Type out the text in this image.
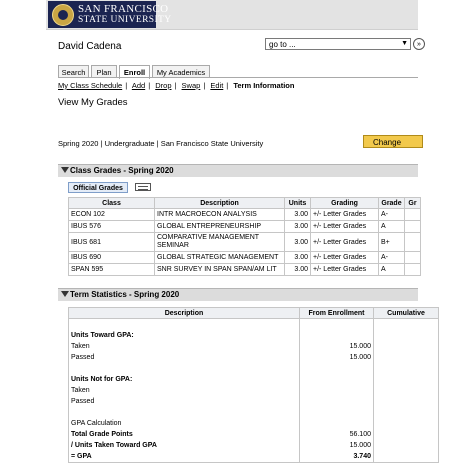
SAN FRANCISCO
STATE UNIVERSITY
David Cadena	go to ...	▼	»
Search	Plan	Enroll	My Academics
My Class Schedule | Add | Drop | Swap | Edit | Term Information
View My Grades
Spring 2020 | Undergraduate | San Francisco State University	Change
Class Grades - Spring 2020
Official Grades
Class	Description	Units	Grading	Grade	Gr
ECON 102	INTR MACROECON ANALYSIS	3.00	+/- Letter Grades	A-	
IBUS 576	GLOBAL ENTREPRENEURSHIP	3.00	+/- Letter Grades	A	
IBUS 681	COMPARATIVE MANAGEMENT SEMINAR	3.00	+/- Letter Grades	B+	
IBUS 690	GLOBAL STRATEGIC MANAGEMENT	3.00	+/- Letter Grades	A-	
SPAN 595	SNR SURVEY IN SPAN SPAN/AM LIT	3.00	+/- Letter Grades	A	
Term Statistics - Spring 2020
Description	From Enrollment	Cumulative

Units Toward GPA:		
Taken	15.000	
Passed	15.000	

Units Not for GPA:		
Taken		
Passed		

GPA Calculation		
Total Grade Points	56.100	
/ Units Taken Toward GPA	15.000	
= GPA	3.740	
